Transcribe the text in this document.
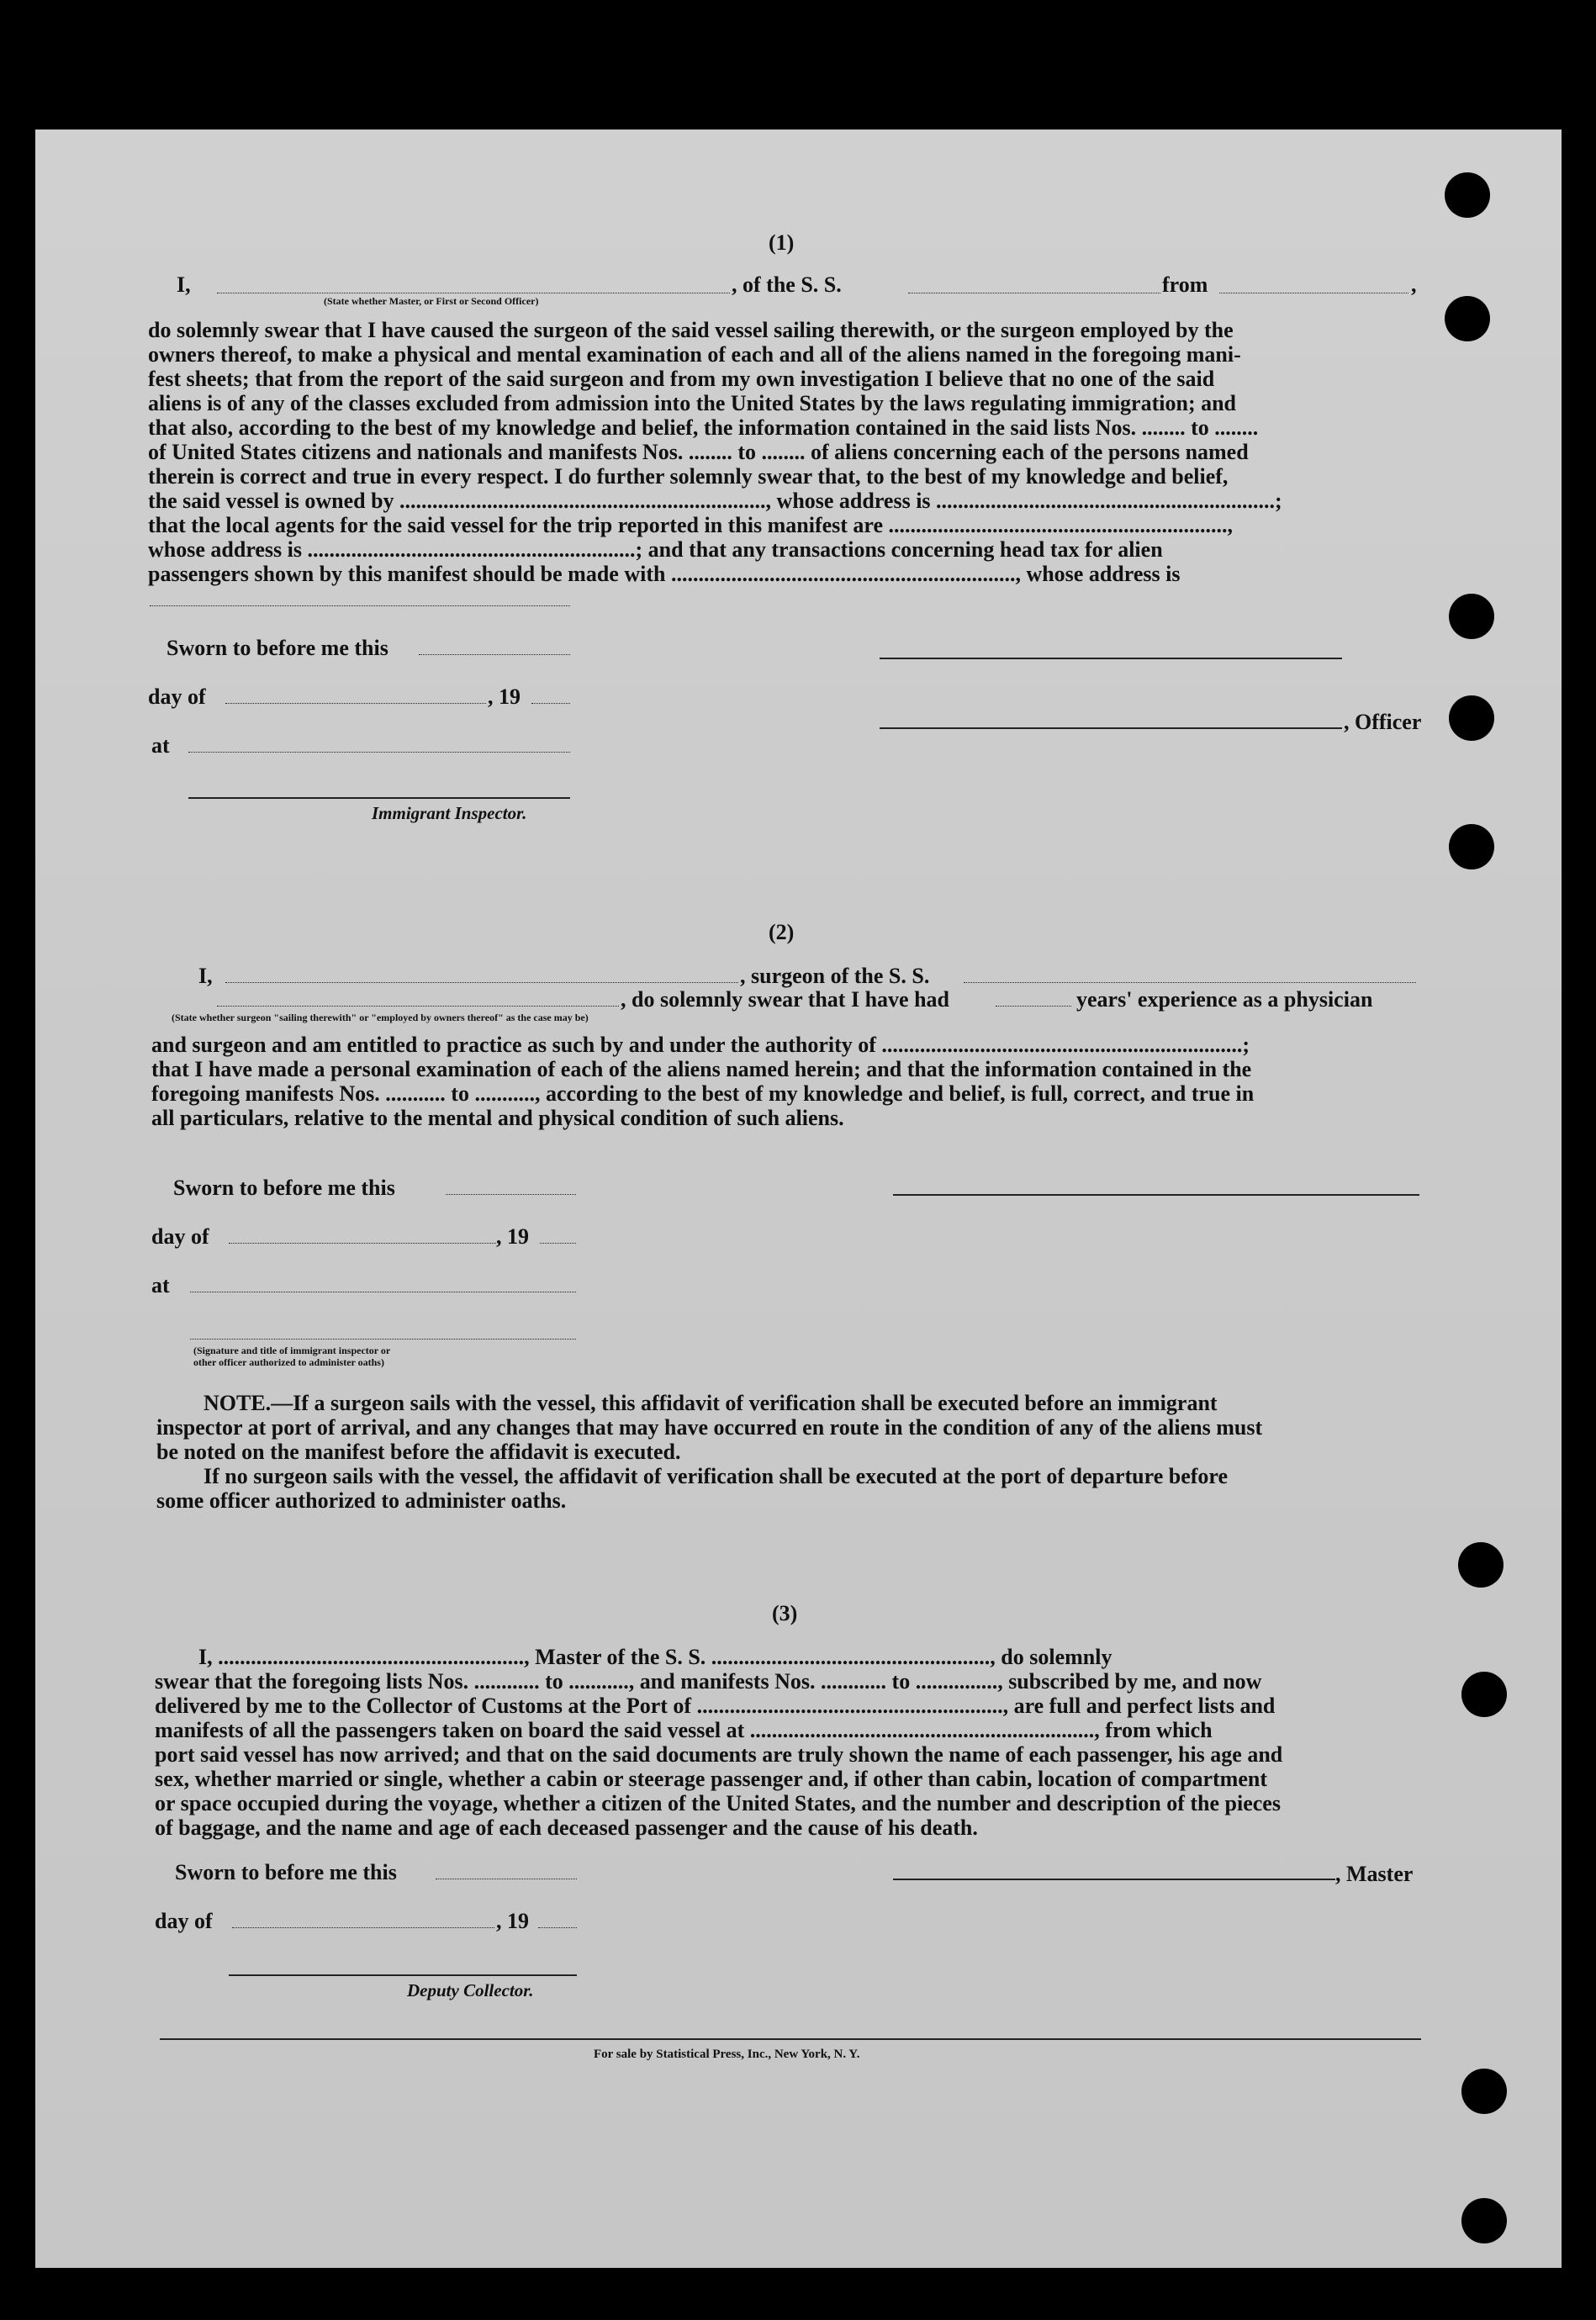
(1)
I,	, of the S. S.	from	,
(State whether Master, or First or Second Officer)
do solemnly swear that I have caused the surgeon of the said vessel sailing therewith, or the surgeon employed by the
owners thereof, to make a physical and mental examination of each and all of the aliens named in the foregoing mani-
fest sheets; that from the report of the said surgeon and from my own investigation I believe that no one of the said
aliens is of any of the classes excluded from admission into the United States by the laws regulating immigration; and
that also, according to the best of my knowledge and belief, the information contained in the said lists Nos. ........ to ........
of United States citizens and nationals and manifests Nos. ........ to ........ of aliens concerning each of the persons named
therein is correct and true in every respect. I do further solemnly swear that, to the best of my knowledge and belief,
the said vessel is owned by ..................................................................., whose address is ..............................................................;
that the local agents for the said vessel for the trip reported in this manifest are ..............................................................,
whose address is ............................................................; and that any transactions concerning head tax for alien
passengers shown by this manifest should be made with ..............................................................., whose address is
Sworn to before me this
day of	, 19
at
Immigrant Inspector.
, Officer
(2)
I,	, surgeon of the S. S.
, do solemnly swear that I have had	years' experience as a physician
(State whether surgeon "sailing therewith" or "employed by owners thereof" as the case may be)
and surgeon and am entitled to practice as such by and under the authority of ..................................................................;
that I have made a personal examination of each of the aliens named herein; and that the information contained in the
foregoing manifests Nos. ........... to ..........., according to the best of my knowledge and belief, is full, correct, and true in
all particulars, relative to the mental and physical condition of such aliens.
Sworn to before me this
day of	, 19
at
(Signature and title of immigrant inspector or
other officer authorized to administer oaths)
NOTE.—If a surgeon sails with the vessel, this affidavit of verification shall be executed before an immigrant
inspector at port of arrival, and any changes that may have occurred en route in the condition of any of the aliens must
be noted on the manifest before the affidavit is executed.
If no surgeon sails with the vessel, the affidavit of verification shall be executed at the port of departure before
some officer authorized to administer oaths.
(3)
I, ........................................................, Master of the S. S. ..................................................., do solemnly
swear that the foregoing lists Nos. ............ to ..........., and manifests Nos. ............ to ..............., subscribed by me, and now
delivered by me to the Collector of Customs at the Port of ........................................................, are full and perfect lists and
manifests of all the passengers taken on board the said vessel at ..............................................................., from which
port said vessel has now arrived; and that on the said documents are truly shown the name of each passenger, his age and
sex, whether married or single, whether a cabin or steerage passenger and, if other than cabin, location of compartment
or space occupied during the voyage, whether a citizen of the United States, and the number and description of the pieces
of baggage, and the name and age of each deceased passenger and the cause of his death.
Sworn to before me this
day of	, 19
Deputy Collector.
, Master
For sale by Statistical Press, Inc., New York, N. Y.
